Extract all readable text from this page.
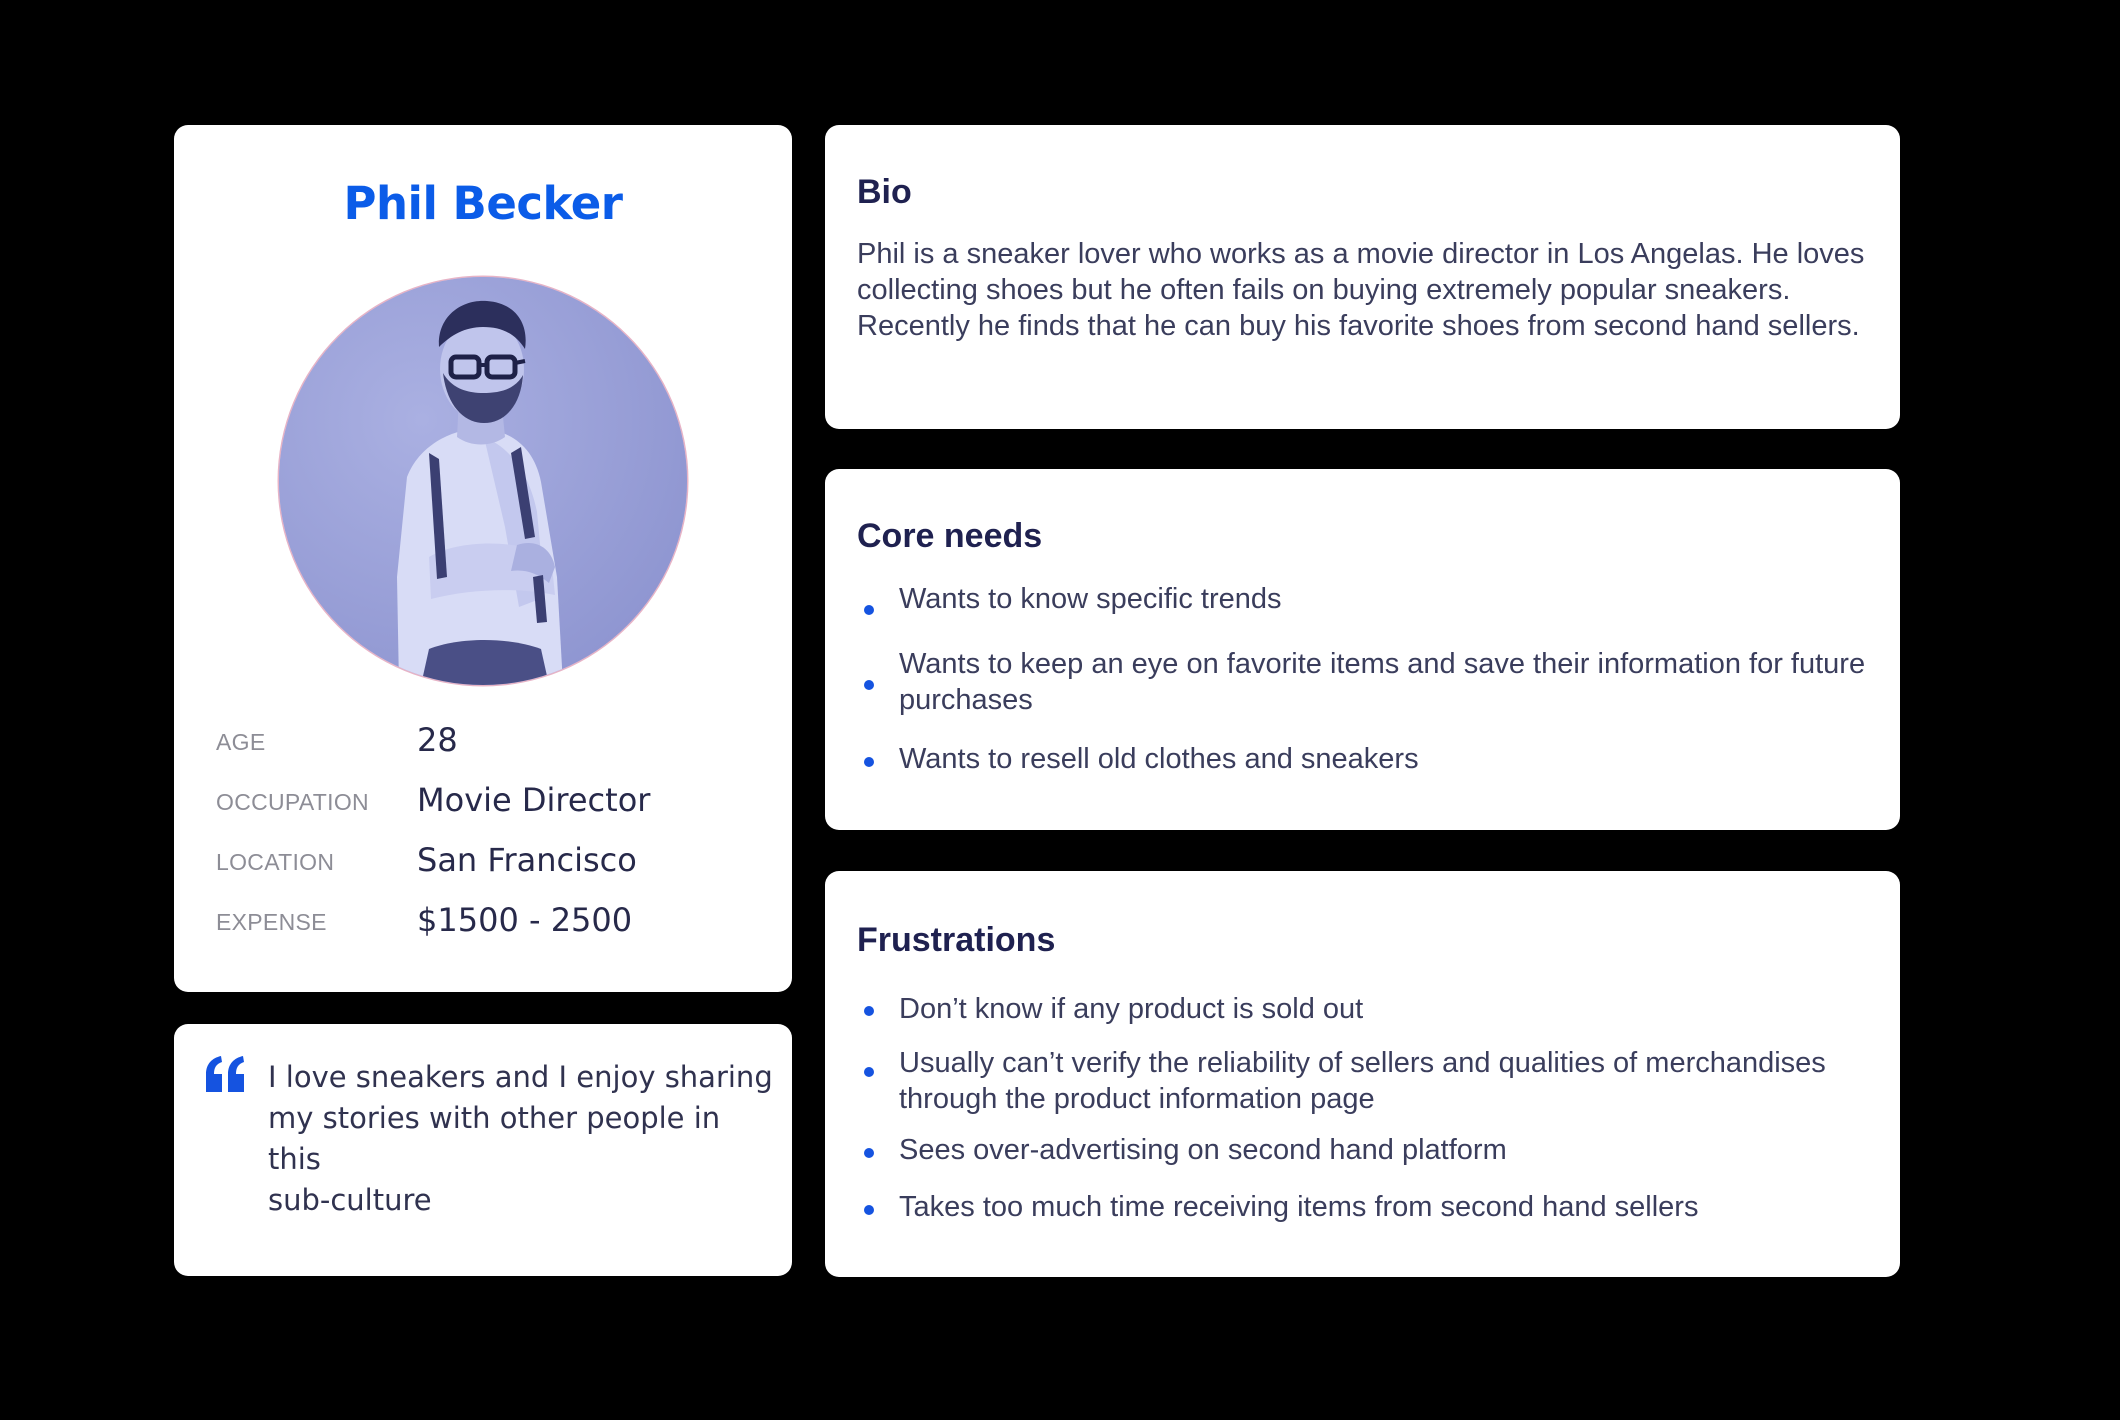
Phil Becker
AGE	28
OCCUPATION Movie Director
LOCATION	San Francisco
EXPENSE	$1500 - 2500

I love sneakers and I enjoy sharing
my stories with other people in this
sub-culture

Bio

Phil is a sneaker lover who works as a movie director in Los Angelas. He loves collecting shoes but he often fails on buying extremely popular sneakers. Recently he finds that he can buy his favorite shoes from second hand sellers.

Core needs
Wants to know specific trends
Wants to keep an eye on favorite items and save their information for future purchases
Wants to resell old clothes and sneakers
Frustrations
Don’t know if any product is sold out
Usually can’t verify the reliability of sellers and qualities of merchandises through the product information page
Sees over-advertising on second hand platform
Takes too much time receiving items from second hand sellers
